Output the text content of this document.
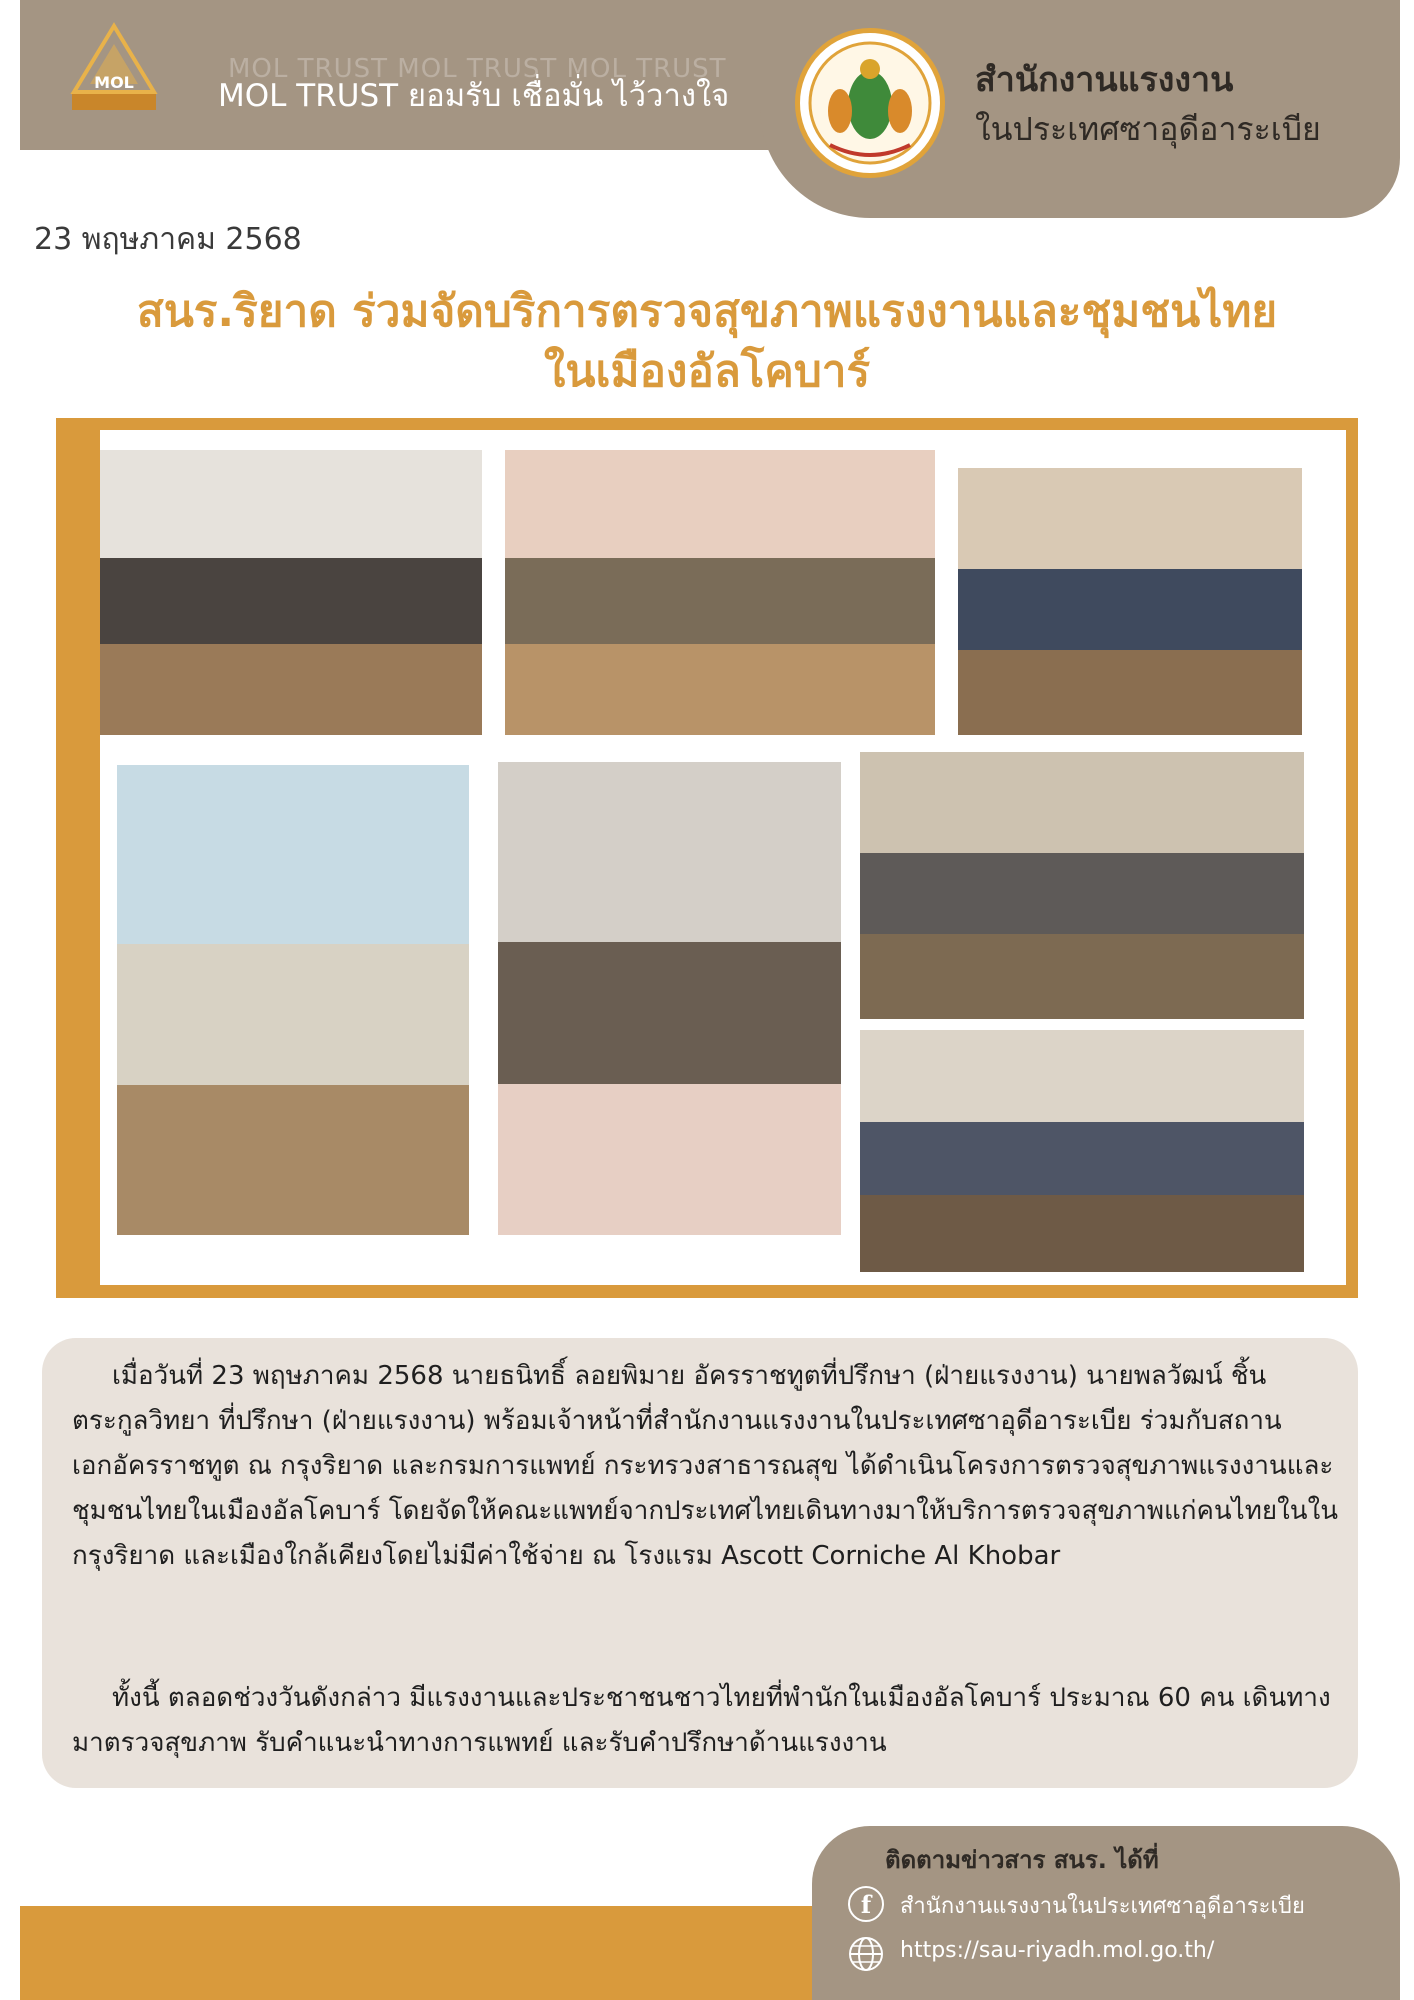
MOL	MOL TRUST MOL TRUST MOL TRUST
MOL TRUST ยอมรับ เชื่อมั่น ไว้วางใจ	สำนักงานแรงงาน
ในประเทศซาอุดีอาระเบีย
23 พฤษภาคม 2568
สนร.ริยาด ร่วมจัดบริการตรวจสุขภาพแรงงานและชุมชนไทย
ในเมืองอัลโคบาร์
เมื่อวันที่ 23 พฤษภาคม 2568 นายธนิทธิ์ ลอยพิมาย อัครราชทูตที่ปรึกษา (ฝ่ายแรงงาน) นายพลวัฒน์ ชิ้นตระกูลวิทยา ที่ปรึกษา (ฝ่ายแรงงาน) พร้อมเจ้าหน้าที่สำนักงานแรงงานในประเทศซาอุดีอาระเบีย ร่วมกับสถานเอกอัครราชทูต ณ กรุงริยาด และกรมการแพทย์ กระทรวงสาธารณสุข ได้ดำเนินโครงการตรวจสุขภาพแรงงานและชุมชนไทยในเมืองอัลโคบาร์ โดยจัดให้คณะแพทย์จากประเทศไทยเดินทางมาให้บริการตรวจสุขภาพแก่คนไทยในในกรุงริยาด และเมืองใกล้เคียงโดยไม่มีค่าใช้จ่าย ณ โรงแรม Ascott Corniche Al Khobar
ทั้งนี้ ตลอดช่วงวันดังกล่าว มีแรงงานและประชาชนชาวไทยที่พำนักในเมืองอัลโคบาร์ ประมาณ 60 คน เดินทางมาตรวจสุขภาพ รับคำแนะนำทางการแพทย์ และรับคำปรึกษาด้านแรงงาน
ติดตามข่าวสาร สนร. ได้ที่
f	สำนักงานแรงงานในประเทศซาอุดีอาระเบีย
https://sau-riyadh.mol.go.th/
